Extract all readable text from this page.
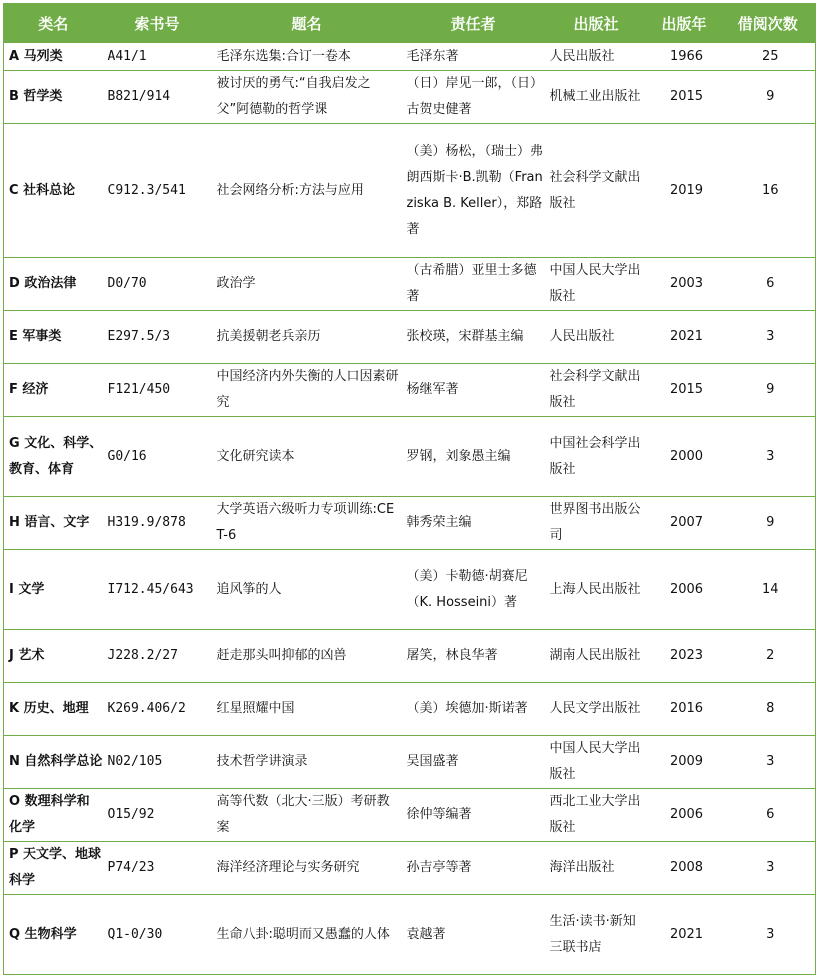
类名	索书号	题名	责任者	出版社	出版年	借阅次数
A 马列类	A41/1	毛泽东选集:合订一卷本	毛泽东著	人民出版社	1966	25
B 哲学类	B821/914	被讨厌的勇气:“自我启发之父”阿德勒的哲学课	（日）岸见一郎，（日）古贺史健著	机械工业出版社	2015	9
C 社科总论	C912.3/541	社会网络分析:方法与应用	（美）杨松，（瑞士）弗朗西斯卡·B.凯勒（Franziska B. Keller），郑路著	社会科学文献出版社	2019	16
D 政治法律	D0/70	政治学	（古希腊）亚里士多德著	中国人民大学出版社	2003	6
E 军事类	E297.5/3	抗美援朝老兵亲历	张校瑛，宋群基主编	人民出版社	2021	3
F 经济	F121/450	中国经济内外失衡的人口因素研究	杨继军著	社会科学文献出版社	2015	9
G 文化、科学、教育、体育	G0/16	文化研究读本	罗钢，刘象愚主编	中国社会科学出版社	2000	3
H 语言、文字	H319.9/878	大学英语六级听力专项训练:CET-6	韩秀荣主编	世界图书出版公司	2007	9
I 文学	I712.45/643	追风筝的人	（美）卡勒德·胡赛尼（K. Hosseini）著	上海人民出版社	2006	14
J 艺术	J228.2/27	赶走那头叫抑郁的凶兽	屠笑，林良华著	湖南人民出版社	2023	2
K 历史、地理	K269.406/2	红星照耀中国	（美）埃德加·斯诺著	人民文学出版社	2016	8
N 自然科学总论	N02/105	技术哲学讲演录	吴国盛著	中国人民大学出版社	2009	3
O 数理科学和化学	O15/92	高等代数（北大·三版）考研教案	徐仲等编著	西北工业大学出版社	2006	6
P 天文学、地球科学	P74/23	海洋经济理论与实务研究	孙吉亭等著	海洋出版社	2008	3
Q 生物科学	Q1-0/30	生命八卦:聪明而又愚蠢的人体	袁越著	生活·读书·新知三联书店	2021	3
